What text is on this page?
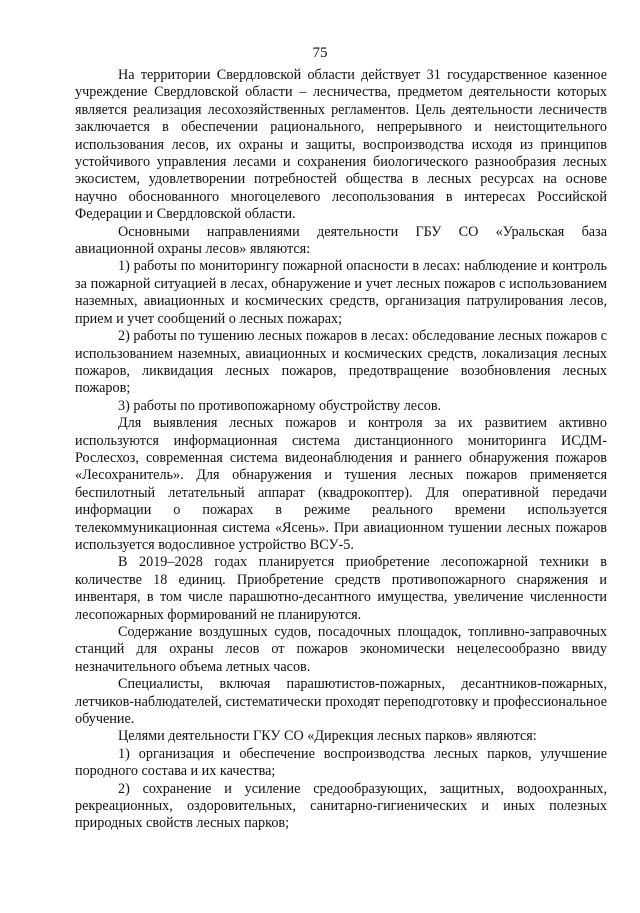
75

На территории Свердловской области действует 31 государственное казенное учреждение Свердловской области – лесничества, предметом деятельности которых является реализация лесохозяйственных регламентов. Цель деятельности лесничеств заключается в обеспечении рационального, непрерывного и неистощительного использования лесов, их охраны и защиты, воспроизводства исходя из принципов устойчивого управления лесами и сохранения биологического разнообразия лесных экосистем, удовлетворении потребностей общества в лесных ресурсах на основе научно обоснованного многоцелевого лесопользования в интересах Российской Федерации и Свердловской области.

Основными направлениями деятельности ГБУ СО «Уральская база авиационной охраны лесов» являются:

1) работы по мониторингу пожарной опасности в лесах: наблюдение и контроль за пожарной ситуацией в лесах, обнаружение и учет лесных пожаров с использованием наземных, авиационных и космических средств, организация патрулирования лесов, прием и учет сообщений о лесных пожарах;

2) работы по тушению лесных пожаров в лесах: обследование лесных пожаров с использованием наземных, авиационных и космических средств, локализация лесных пожаров, ликвидация лесных пожаров, предотвращение возобновления лесных пожаров;

3) работы по противопожарному обустройству лесов.

Для выявления лесных пожаров и контроля за их развитием активно используются информационная система дистанционного мониторинга ИСДМ-Рослесхоз, современная система видеонаблюдения и раннего обнаружения пожаров «Лесохранитель». Для обнаружения и тушения лесных пожаров применяется беспилотный летательный аппарат (квадрокоптер). Для оперативной передачи информации о пожарах в режиме реального времени используется телекоммуникационная система «Ясень». При авиационном тушении лесных пожаров используется водосливное устройство ВСУ-5.

В 2019–2028 годах планируется приобретение лесопожарной техники в количестве 18 единиц. Приобретение средств противопожарного снаряжения и инвентаря, в том числе парашютно-десантного имущества, увеличение численности лесопожарных формирований не планируются.

Содержание воздушных судов, посадочных площадок, топливно-заправочных станций для охраны лесов от пожаров экономически нецелесообразно ввиду незначительного объема летных часов.

Специалисты, включая парашютистов-пожарных, десантников-пожарных, летчиков-наблюдателей, систематически проходят переподготовку и профессиональное обучение.

Целями деятельности ГКУ СО «Дирекция лесных парков» являются:

1) организация и обеспечение воспроизводства лесных парков, улучшение породного состава и их качества;

2) сохранение и усиление средообразующих, защитных, водоохранных, рекреационных, оздоровительных, санитарно-гигиенических и иных полезных природных свойств лесных парков;
